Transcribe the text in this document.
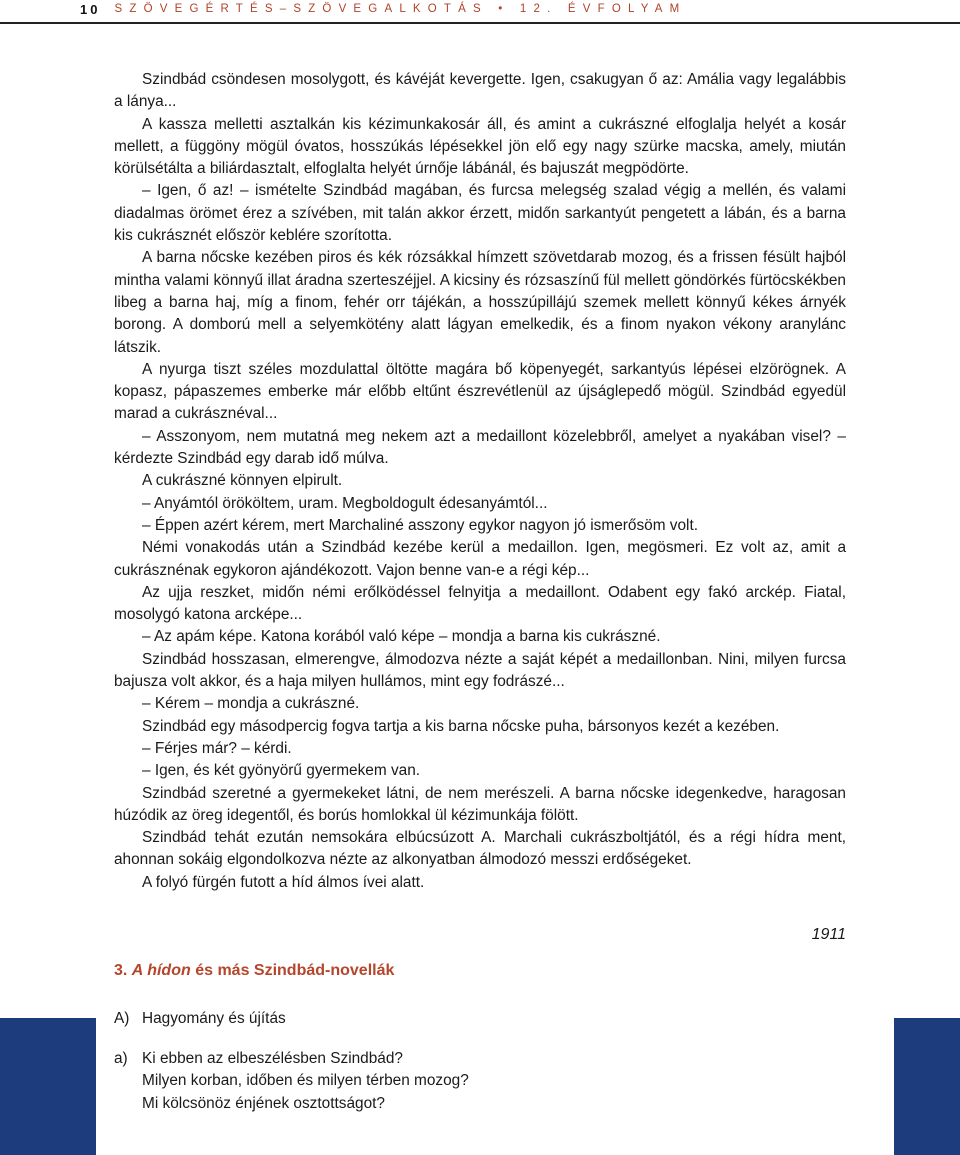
10 SZÖVEGÉRTÉS–SZÖVEGALKOTÁS • 12. ÉVFOLYAM

Szindbád csöndesen mosolygott, és kávéját kevergette. Igen, csakugyan ő az: Amália vagy legalábbis a lánya...

A kassza melletti asztalkán kis kézimunkakosár áll, és amint a cukrászné elfoglalja helyét a kosár mellett, a függöny mögül óvatos, hosszúkás lépésekkel jön elő egy nagy szürke macska, amely, miután körülsétálta a biliárdasztalt, elfoglalta helyét úrnője lábánál, és bajuszát megpödörte.

– Igen, ő az! – ismételte Szindbád magában, és furcsa melegség szalad végig a mellén, és valami diadalmas örömet érez a szívében, mit talán akkor érzett, midőn sarkantyút pengetett a lábán, és a barna kis cukrásznét először keblére szorította.

A barna nőcske kezében piros és kék rózsákkal hímzett szövetdarab mozog, és a frissen fésült hajból mintha valami könnyű illat áradna szerteszéjjel. A kicsiny és rózsaszínű fül mellett göndörkés fürtöcskékben libeg a barna haj, míg a finom, fehér orr tájékán, a hosszúpillájú szemek mellett könnyű kékes árnyék borong. A domború mell a selyemkötény alatt lágyan emelkedik, és a finom nyakon vékony aranylánc látszik.

A nyurga tiszt széles mozdulattal öltötte magára bő köpenyegét, sarkantyús lépései elzörögnek. A kopasz, pápaszemes emberke már előbb eltűnt észrevétlenül az újságlepedő mögül. Szindbád egyedül marad a cukrásznéval...

– Asszonyom, nem mutatná meg nekem azt a medaillont közelebbről, amelyet a nyakában visel? – kérdezte Szindbád egy darab idő múlva.

A cukrászné könnyen elpirult.

– Anyámtól örököltem, uram. Megboldogult édesanyámtól...

– Éppen azért kérem, mert Marchaliné asszony egykor nagyon jó ismerősöm volt.

Némi vonakodás után a Szindbád kezébe kerül a medaillon. Igen, megösmeri. Ez volt az, amit a cukrásznénak egykoron ajándékozott. Vajon benne van-e a régi kép...

Az ujja reszket, midőn némi erőlködéssel felnyitja a medaillont. Odabent egy fakó arckép. Fiatal, mosolygó katona arcképe...

– Az apám képe. Katona korából való képe – mondja a barna kis cukrászné.

Szindbád hosszasan, elmerengve, álmodozva nézte a saját képét a medaillonban. Nini, milyen furcsa bajusza volt akkor, és a haja milyen hullámos, mint egy fodrászé...

– Kérem – mondja a cukrászné.

Szindbád egy másodpercig fogva tartja a kis barna nőcske puha, bársonyos kezét a kezében.

– Férjes már? – kérdi.

– Igen, és két gyönyörű gyermekem van.

Szindbád szeretné a gyermekeket látni, de nem merészeli. A barna nőcske idegenkedve, haragosan húzódik az öreg idegentől, és borús homlokkal ül kézimunkája fölött.

Szindbád tehát ezután nemsokára elbúcsúzott A. Marchali cukrászboltjától, és a régi hídra ment, ahonnan sokáig elgondolkozva nézte az alkonyatban álmodozó messzi erdőségeket.

A folyó fürgén futott a híd álmos ívei alatt.

1911
3. A hídon és más Szindbád-novellák
A) Hagyomány és újítás
a) Ki ebben az elbeszélésben Szindbád?
Milyen korban, időben és milyen térben mozog?
Mi kölcsönöz énjének osztottságot?
